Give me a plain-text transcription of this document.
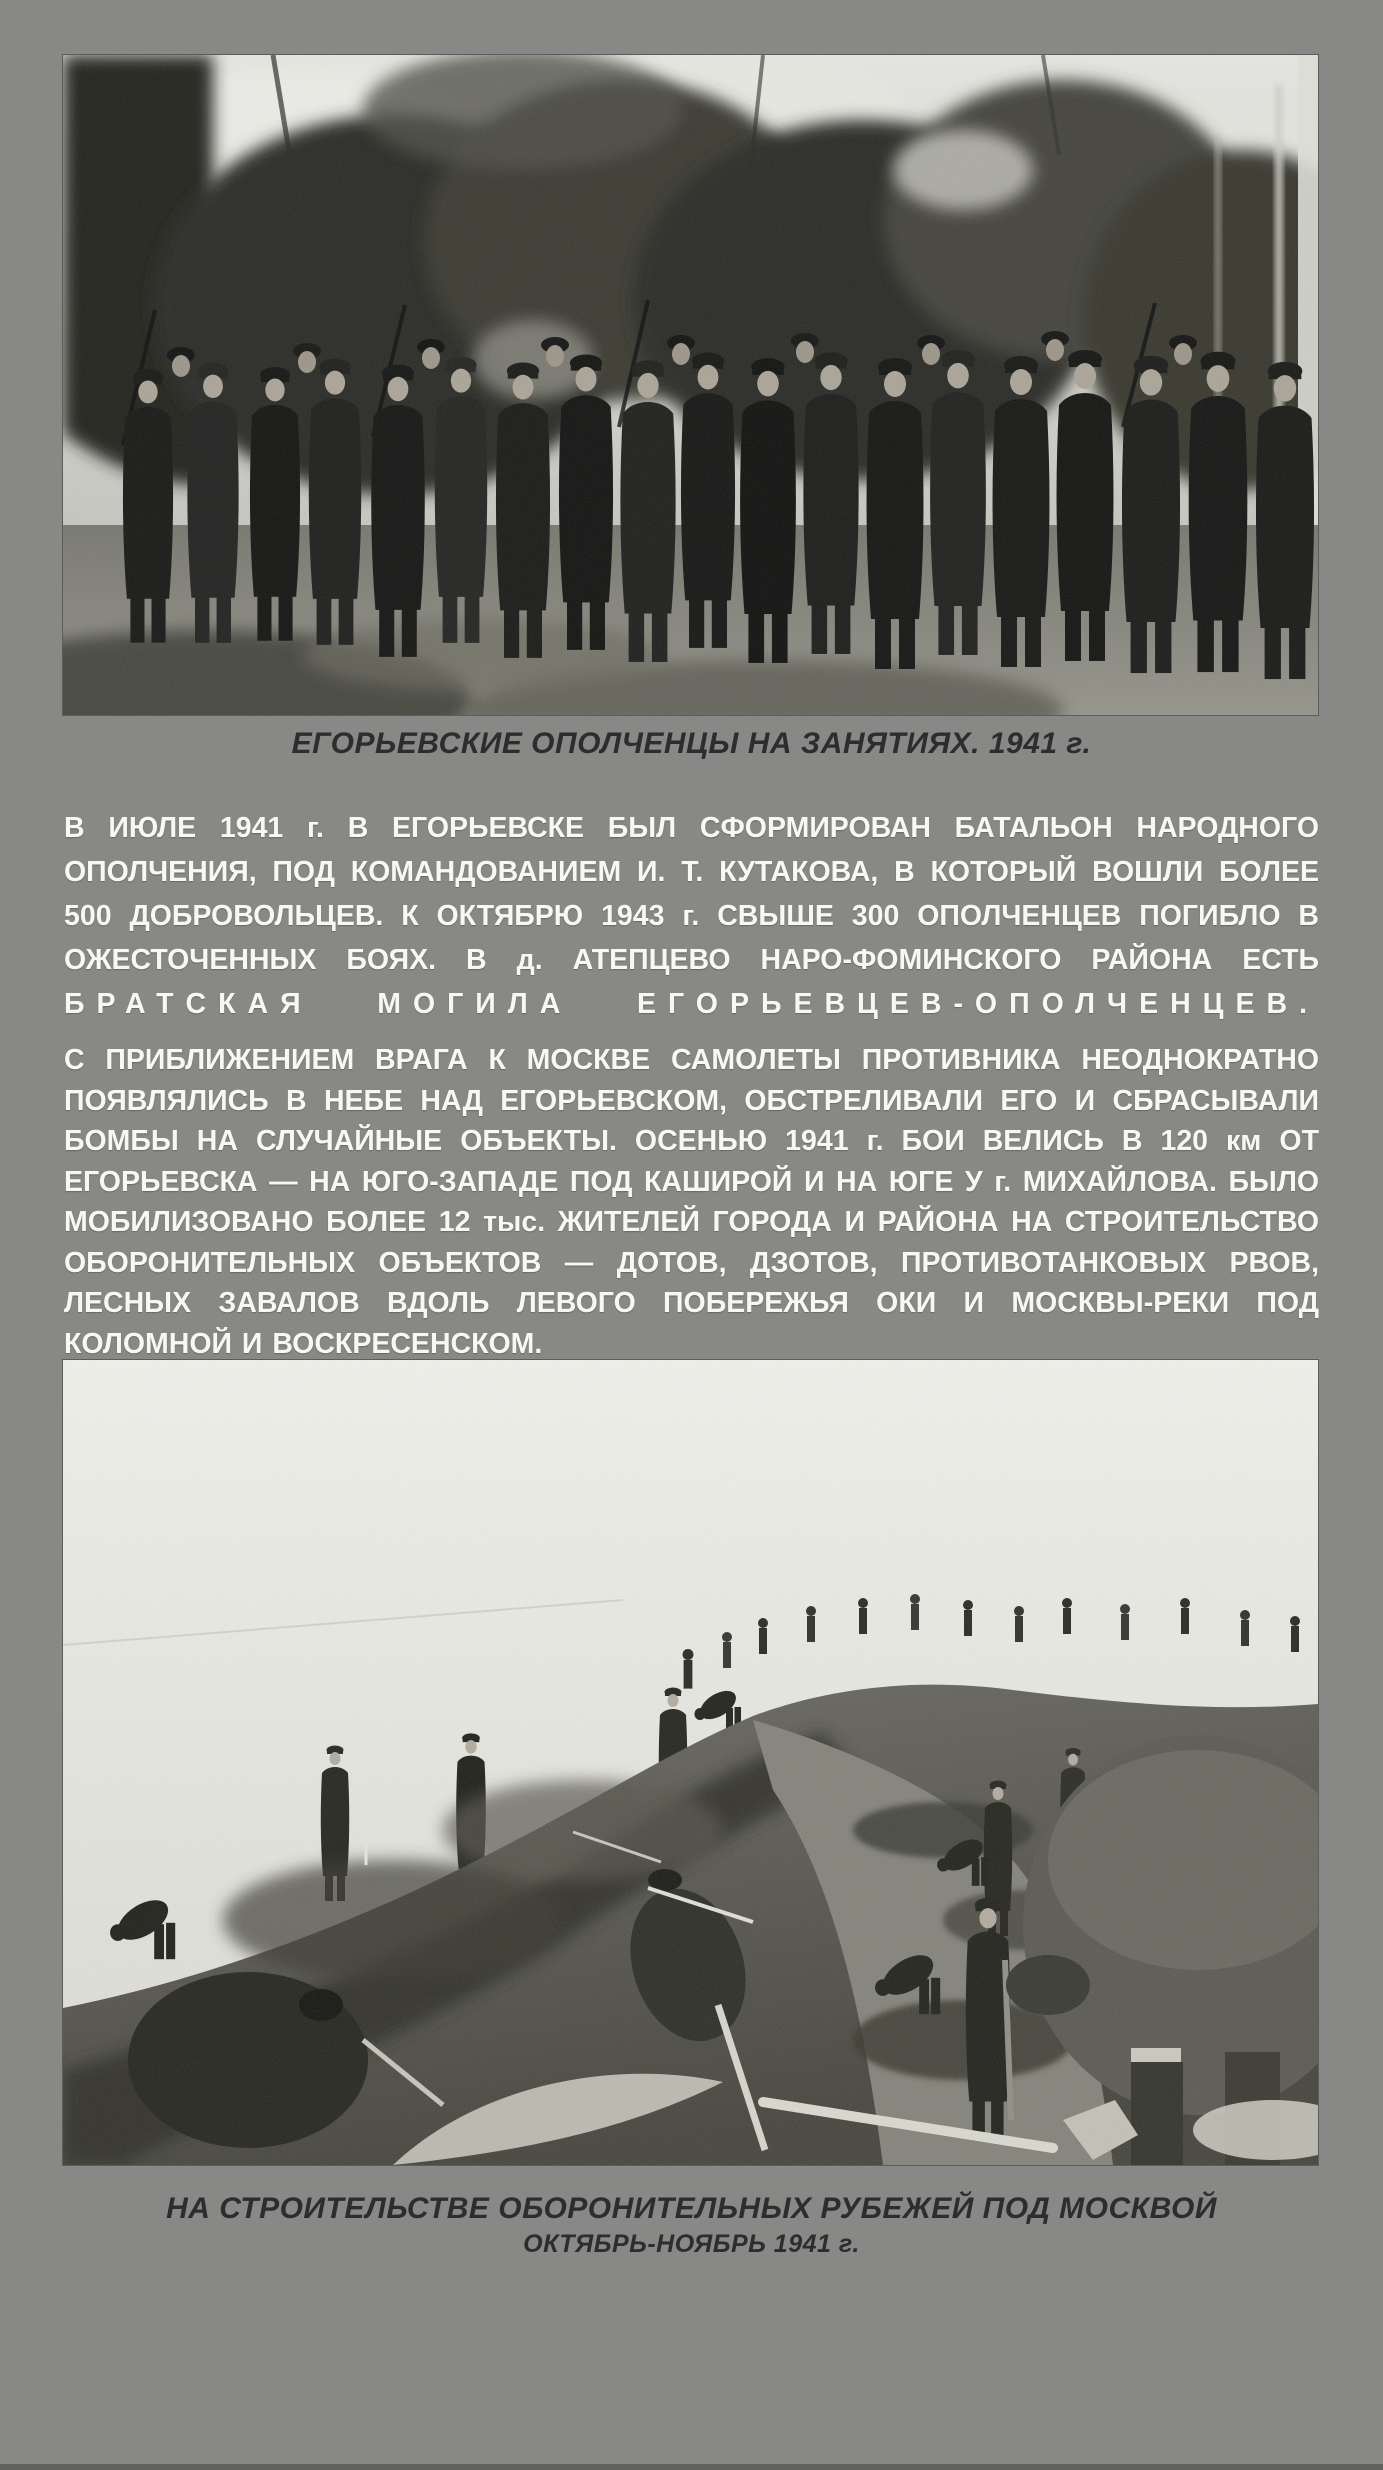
ЕГОРЬЕВСКИЕ ОПОЛЧЕНЦЫ НА ЗАНЯТИЯХ. 1941 г.
В ИЮЛЕ 1941 г. В ЕГОРЬЕВСКЕ БЫЛ СФОРМИРОВАН БАТАЛЬОН НАРОДНОГО ОПОЛЧЕНИЯ, ПОД КОМАНДОВАНИЕМ И. Т. КУТАКОВА, В КОТОРЫЙ ВОШЛИ БОЛЕЕ 500 ДОБРОВОЛЬЦЕВ. К ОКТЯБРЮ 1943 г. СВЫШЕ 300 ОПОЛЧЕНЦЕВ ПОГИБЛО В ОЖЕСТОЧЕННЫХ БОЯХ. В д. АТЕПЦЕВО НАРО-ФОМИНСКОГО РАЙОНА ЕСТЬ
БРАТСКАЯ МОГИЛА ЕГОРЬЕВЦЕВ-ОПОЛЧЕНЦЕВ.
С ПРИБЛИЖЕНИЕМ ВРАГА К МОСКВЕ САМОЛЕТЫ ПРОТИВНИКА НЕОДНОКРАТНО ПОЯВЛЯЛИСЬ В НЕБЕ НАД ЕГОРЬЕВСКОМ, ОБСТРЕЛИВАЛИ ЕГО И СБРАСЫВАЛИ БОМБЫ НА СЛУЧАЙНЫЕ ОБЪЕКТЫ. ОСЕНЬЮ 1941 г. БОИ ВЕЛИСЬ В 120 км ОТ ЕГОРЬЕВСКА — НА ЮГО-ЗАПАДЕ ПОД КАШИРОЙ И НА ЮГЕ У г. МИХАЙЛОВА. БЫЛО МОБИЛИЗОВАНО БОЛЕЕ 12 тыс. ЖИТЕЛЕЙ ГОРОДА И РАЙОНА НА СТРОИТЕЛЬСТВО ОБОРОНИТЕЛЬНЫХ ОБЪЕКТОВ — ДОТОВ, ДЗОТОВ, ПРОТИВОТАНКОВЫХ РВОВ, ЛЕСНЫХ ЗАВАЛОВ ВДОЛЬ ЛЕВОГО ПОБЕРЕЖЬЯ ОКИ И МОСКВЫ-РЕКИ ПОД КОЛОМНОЙ И ВОСКРЕСЕНСКОМ.
НА СТРОИТЕЛЬСТВЕ ОБОРОНИТЕЛЬНЫХ РУБЕЖЕЙ ПОД МОСКВОЙ
ОКТЯБРЬ-НОЯБРЬ 1941 г.
